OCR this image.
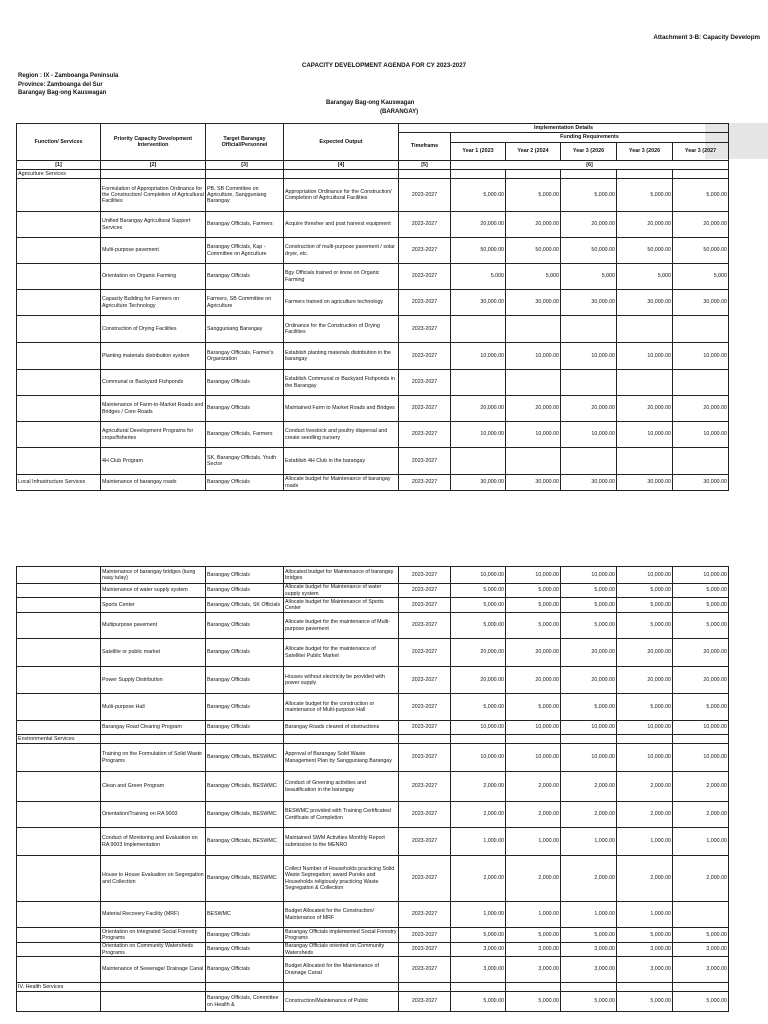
Attachment 3-B: Capacity Developm
CAPACITY DEVELOPMENT AGENDA FOR CY 2023-2027
Region : IX - Zamboanga Peninsula
Province: Zamboanga del Sur
Barangay Bag-ong Kauswagan
Barangay Bag-ong Kauswagan
(BARANGAY)
Function/ Services	Priority Capacity Development Intervention	Target Barangay Official/Personnel	Expected Output	Implementation Details					
				Timeframe	Funding Requirements				
					Year 1 (2023	Year 2 (2024	Year 3 (2026	Year 3 (2026	Year 3 (2027
[1]	[2]	[3]	[4]	[5]	[6]				
Agriculture Services									
	Formulation of Appropriation Ordinance for the Construction/ Completion of Agricultural Facilities	PB, SB Committee on Agriculture, Sangguniang Barangay	Appropriation Ordinance for the Construction/ Completion of Agricultural Facilities	2023-2027	5,000.00	5,000.00	5,000.00	5,000.00	5,000.00
	Unified Barangay Agricultural Support Services	Barangay Officials, Farmers	Acquire thresher and post harvest equipment	2023-2027	20,000.00	20,000.00	20,000.00	20,000.00	20,000.00
	Multi-purpose pavement	Barangay Officials, Kap - Committee on Agriculture	Construction of multi-purpose pavement / solar dryer, etc.	2023-2027	50,000.00	50,000.00	50,000.00	50,000.00	50,000.00
	Orientation on Organic Farming	Barangay Officials	Bgy Officials trained or know on Organic Farming	2023-2027	5,000	5,000	5,000	5,000	5,000
	Capacity Building for Farmers on Agriculture Technology	Farmers, SB Committee on Agriculture	Farmers trained on agriculture technology	2023-2027	30,000.00	30,000.00	30,000.00	30,000.00	30,000.00
	Construction of Drying Facilities	Sangguniang Barangay	Ordinance for the Construction of Drying Facilities	2023-2027					
	Planting materials distribution system	Barangay Officials, Farmer's Organization	Establish planting materials distribution in the barangay	2023-2027	10,000.00	10,000.00	10,000.00	10,000.00	10,000.00
	Communal or Backyard Fishponds	Barangay Officials	Establish Communal or Backyard Fishponds in the Barangay	2023-2027					
	Maintenance of Farm-to-Market Roads and Bridges / Core Roads	Barangay Officials	Maintained Farm to Market Roads and Bridges	2023-2027	20,000.00	20,000.00	20,000.00	20,000.00	20,000.00
	Agricultural Development Programs for crops/fisheries	Barangay Officials, Farmers	Conduct livestock and poultry dispersal and create seedling nursery	2023-2027	10,000.00	10,000.00	10,000.00	10,000.00	10,000.00
	4H Club Program	SK, Barangay Officials, Youth Sector	Establish 4H Club in the barangay	2023-2027					
Local Infrastructure Services	Maintenance of barangay roads	Barangay Officials	Allocate budget for Maintenance of barangay roads	2023-2027	30,000.00	30,000.00	30,000.00	30,000.00	30,000.00
	Maintenance of barangay bridges (kung naay tulay)	Barangay Officials	Allocated budget for Maintenance of barangay bridges	2023-2027	10,000.00	10,000.00	10,000.00	10,000.00	10,000.00
	Maintenance of water supply system	Barangay Officials	Allocate budget for Maintenance of water supply system	2023-2027	5,000.00	5,000.00	5,000.00	5,000.00	5,000.00
	Sports Center	Barangay Officials, SK Officials	Allocate budget for Maintenance of Sports Center	2023-2027	5,000.00	5,000.00	5,000.00	5,000.00	5,000.00
	Multipurpose pavement	Barangay Officials	Allocate budget for the maintenance of Multi-purpose pavement	2023-2027	5,000.00	5,000.00	5,000.00	5,000.00	5,000.00
	Satellite or public market	Barangay Officials	Allocate budget for the maintenance of Satellite/ Public Market	2023-2027	20,000.00	20,000.00	20,000.00	20,000.00	20,000.00
	Power Supply Distribution	Barangay Officials	Houses without electricity be provided with power supply	2023-2027	20,000.00	20,000.00	20,000.00	20,000.00	20,000.00
	Multi-purpose Hall	Barangay Officials	Allocate budget for the construction or maintenance of Multi-purpose Hall	2023-2027	5,000.00	5,000.00	5,000.00	5,000.00	5,000.00
	Barangay Road Clearing Program	Barangay Officials	Barangay Roads cleared of obstructions	2023-2027	10,000.00	10,000.00	10,000.00	10,000.00	10,000.00
Environmental Services									
	Training on the Formulation of Solid Waste Programs	Barangay Officials, BESWMC	Approval of Barangay Solid Waste Management Plan by Sangguniang Barangay	2023-2027	10,000.00	10,000.00	10,000.00	10,000.00	10,000.00
	Clean and Green Program	Barangay Officials, BESWMC	Conduct of Greening activities and beautification in the barangay	2023-2027	2,000.00	2,000.00	2,000.00	2,000.00	2,000.00
	Orientation/Training on RA 9003	Barangay Officials, BESWMC	BESWMC provided with Training Certificates/ Certificate of Completion	2023-2027	2,000.00	2,000.00	2,000.00	2,000.00	2,000.00
	Conduct of Monitoring and Evaluation on RA 9003 Implementation	Barangay Officials, BESWMC	Maintained SWM Activities Monthly Report submission to the MENRO	2023-2027	1,000.00	1,000.00	1,000.00	1,000.00	1,000.00
	House to House Evaluation on Segregation and Collection	Barangay Officials, BESWMC	Collect Number of Households practicing Solid Waste Segregation; award Puroks and Households religiously practicing Waste Segregation & Collection	2023-2027	2,000.00	2,000.00	2,000.00	2,000.00	2,000.00
	Material Recovery Facility (MRF)	BESWMC	Budget Allocated for the Construction/ Maintenance of MRF	2023-2027	1,000.00	1,000.00	1,000.00	1,000.00	
	Orientation on Integrated Social Forestry Programs	Barangay Officials	Barangay Officials implemented Social Forestry Programs	2023-2027	5,000.00	5,000.00	5,000.00	5,000.00	5,000.00
	Orientation on Community Watersheds Programs	Barangay Officials	Barangay Officials oriented on Community Watersheds	2023-2027	3,000.00	3,000.00	3,000.00	3,000.00	3,000.00
	Maintenance of Sewerage/ Drainage Canal	Barangay Officials	Budget Allocated for the Maintenance of Drainage Canal	2023-2027	3,000.00	3,000.00	3,000.00	3,000.00	3,000.00
IV. Health Services									
		Barangay Officials, Committee on Health &	Construction/Maintenance of Public	2023-2027	5,000.00	5,000.00	5,000.00	5,000.00	5,000.00
